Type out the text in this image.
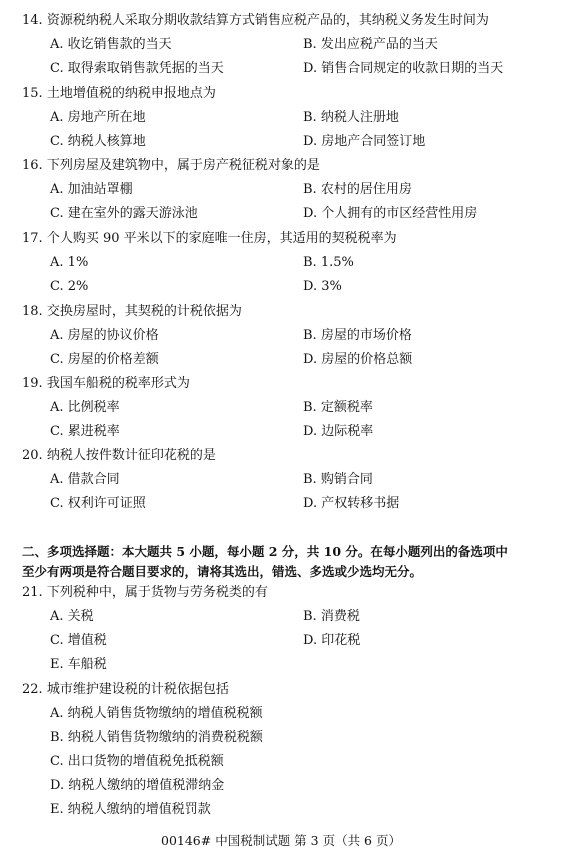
14. 资源税纳税人采取分期收款结算方式销售应税产品的，其纳税义务发生时间为
A. 收讫销售款的当天	B. 发出应税产品的当天
C. 取得索取销售款凭据的当天	D. 销售合同规定的收款日期的当天
15. 土地增值税的纳税申报地点为
A. 房地产所在地	B. 纳税人注册地
C. 纳税人核算地	D. 房地产合同签订地
16. 下列房屋及建筑物中，属于房产税征税对象的是
A. 加油站罩棚	B. 农村的居住用房
C. 建在室外的露天游泳池	D. 个人拥有的市区经营性用房
17. 个人购买 90 平米以下的家庭唯一住房，其适用的契税税率为
A. 1%	B. 1.5%
C. 2%	D. 3%
18. 交换房屋时，其契税的计税依据为
A. 房屋的协议价格	B. 房屋的市场价格
C. 房屋的价格差额	D. 房屋的价格总额
19. 我国车船税的税率形式为
A. 比例税率	B. 定额税率
C. 累进税率	D. 边际税率
20. 纳税人按件数计征印花税的是
A. 借款合同	B. 购销合同
C. 权利许可证照	D. 产权转移书据
二、多项选择题：本大题共 5 小题，每小题 2 分，共 10 分。在每小题列出的备选项中
至少有两项是符合题目要求的，请将其选出，错选、多选或少选均无分。
21. 下列税种中，属于货物与劳务税类的有
A. 关税	B. 消费税
C. 增值税	D. 印花税
E. 车船税
22. 城市维护建设税的计税依据包括
A. 纳税人销售货物缴纳的增值税税额
B. 纳税人销售货物缴纳的消费税税额
C. 出口货物的增值税免抵税额
D. 纳税人缴纳的增值税滞纳金
E. 纳税人缴纳的增值税罚款
00146# 中国税制试题 第 3 页（共 6 页）
